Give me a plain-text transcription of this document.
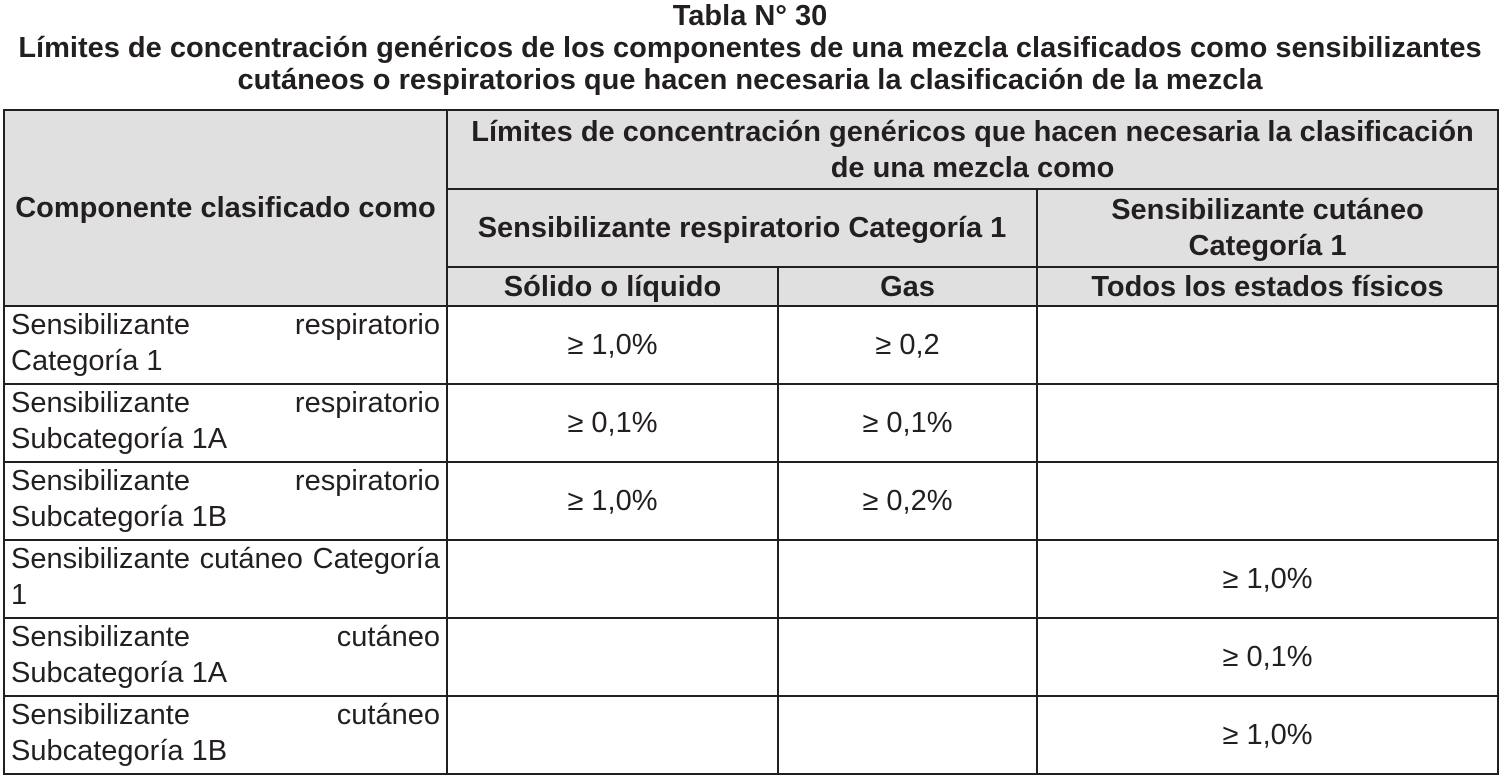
Tabla N° 30

Límites de concentración genéricos de los componentes de una mezcla clasificados como sensibilizantes cutáneos o respiratorios que hacen necesaria la clasificación de la mezcla

Componente clasificado como	Límites de concentración genéricos que hacen necesaria la clasificación de una mezcla como		
	Sensibilizante respiratorio Categoría 1		Sensibilizante cutáneo Categoría 1
	Sólido o líquido	Gas	Todos los estados físicos
Sensibilizante respiratorio Categoría 1	≥ 1,0%	≥ 0,2	
Sensibilizante respiratorio Subcategoría 1A	≥ 0,1%	≥ 0,1%	
Sensibilizante respiratorio Subcategoría 1B	≥ 1,0%	≥ 0,2%	
Sensibilizante cutáneo Categoría 1			≥ 1,0%
Sensibilizante cutáneo Subcategoría 1A			≥ 0,1%
Sensibilizante cutáneo Subcategoría 1B			≥ 1,0%
